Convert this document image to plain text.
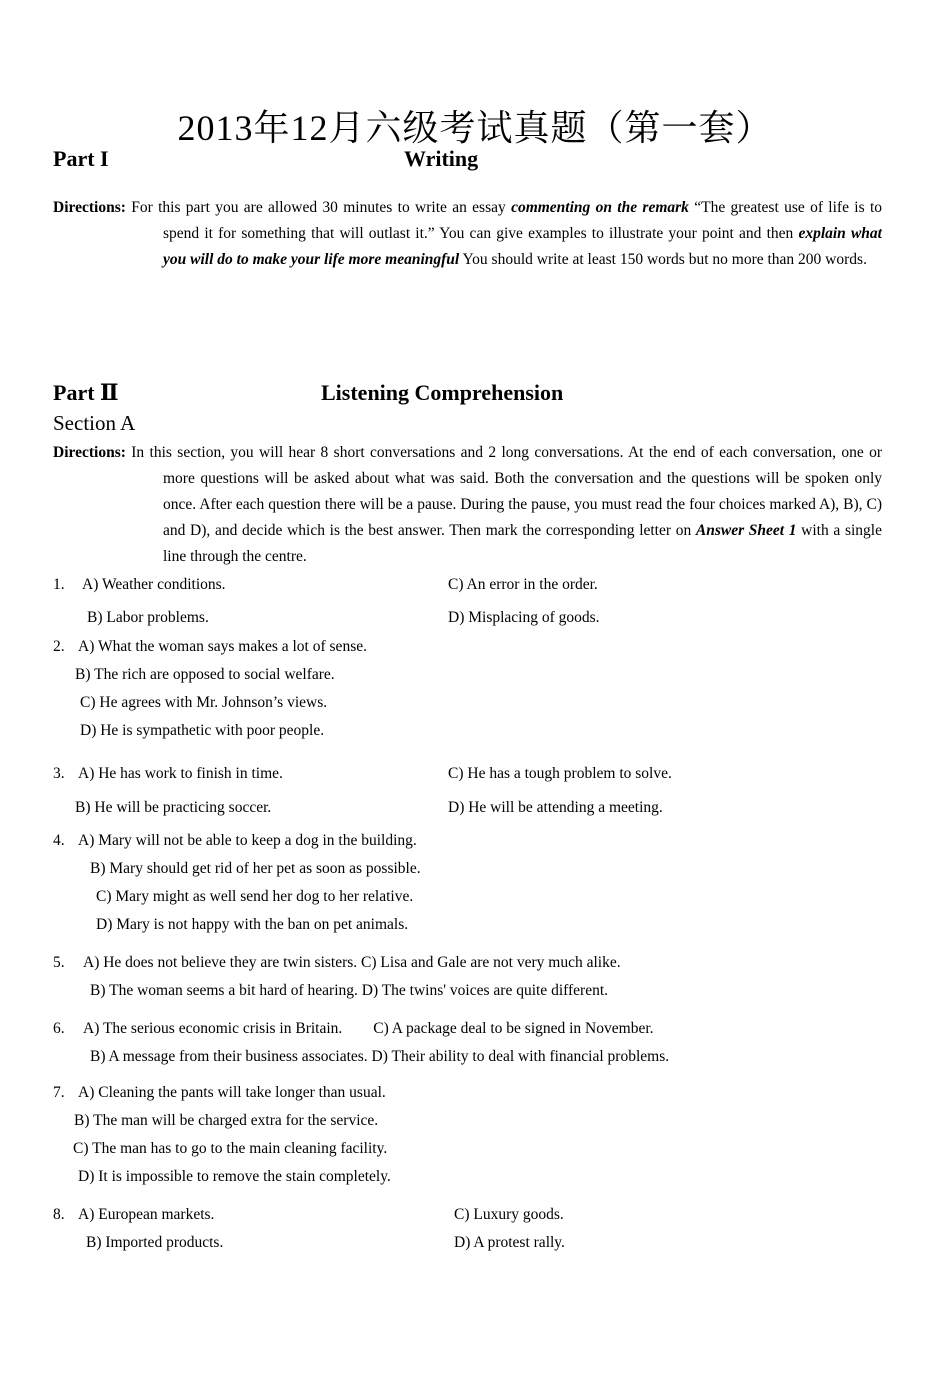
2013年12月六级考试真题（第一套）
Part I	Writing
Directions: For this part you are allowed 30 minutes to write an essay commenting on the remark “The greatest use of life is to spend it for something that will outlast it.” You can give examples to illustrate your point and then explain what you will do to make your life more meaningful You should write at least 150 words but no more than 200 words.
Part Ⅱ	Listening Comprehension
Section A
Directions: In this section, you will hear 8 short conversations and 2 long conversations. At the end of each conversation, one or more questions will be asked about what was said. Both the conversation and the questions will be spoken only once. After each question there will be a pause. During the pause, you must read the four choices marked A), B), C) and D), and decide which is the best answer. Then mark the corresponding letter on Answer Sheet 1 with a single line through the centre.
1. A) Weather conditions.	C) An error in the order.
B) Labor problems.	D) Misplacing of goods.
2. A) What the woman says makes a lot of sense.
B) The rich are opposed to social welfare.
C) He agrees with Mr. Johnson’s views.
D) He is sympathetic with poor people.
3. A) He has work to finish in time.	C) He has a tough problem to solve.
B) He will be practicing soccer.	D) He will be attending a meeting.
4. A) Mary will not be able to keep a dog in the building.
B) Mary should get rid of her pet as soon as possible.
C) Mary might as well send her dog to her relative.
D) Mary is not happy with the ban on pet animals.
5. A) He does not believe they are twin sisters. C) Lisa and Gale are not very much alike.
B) The woman seems a bit hard of hearing. D) The twins' voices are quite different.
6. A) The serious economic crisis in Britain.        C) A package deal to be signed in November.
B) A message from their business associates. D) Their ability to deal with financial problems.
7. A) Cleaning the pants will take longer than usual.
B) The man will be charged extra for the service.
C) The man has to go to the main cleaning facility.
D) It is impossible to remove the stain completely.
8. A) European markets.	C) Luxury goods.
B) Imported products.	D) A protest rally.
